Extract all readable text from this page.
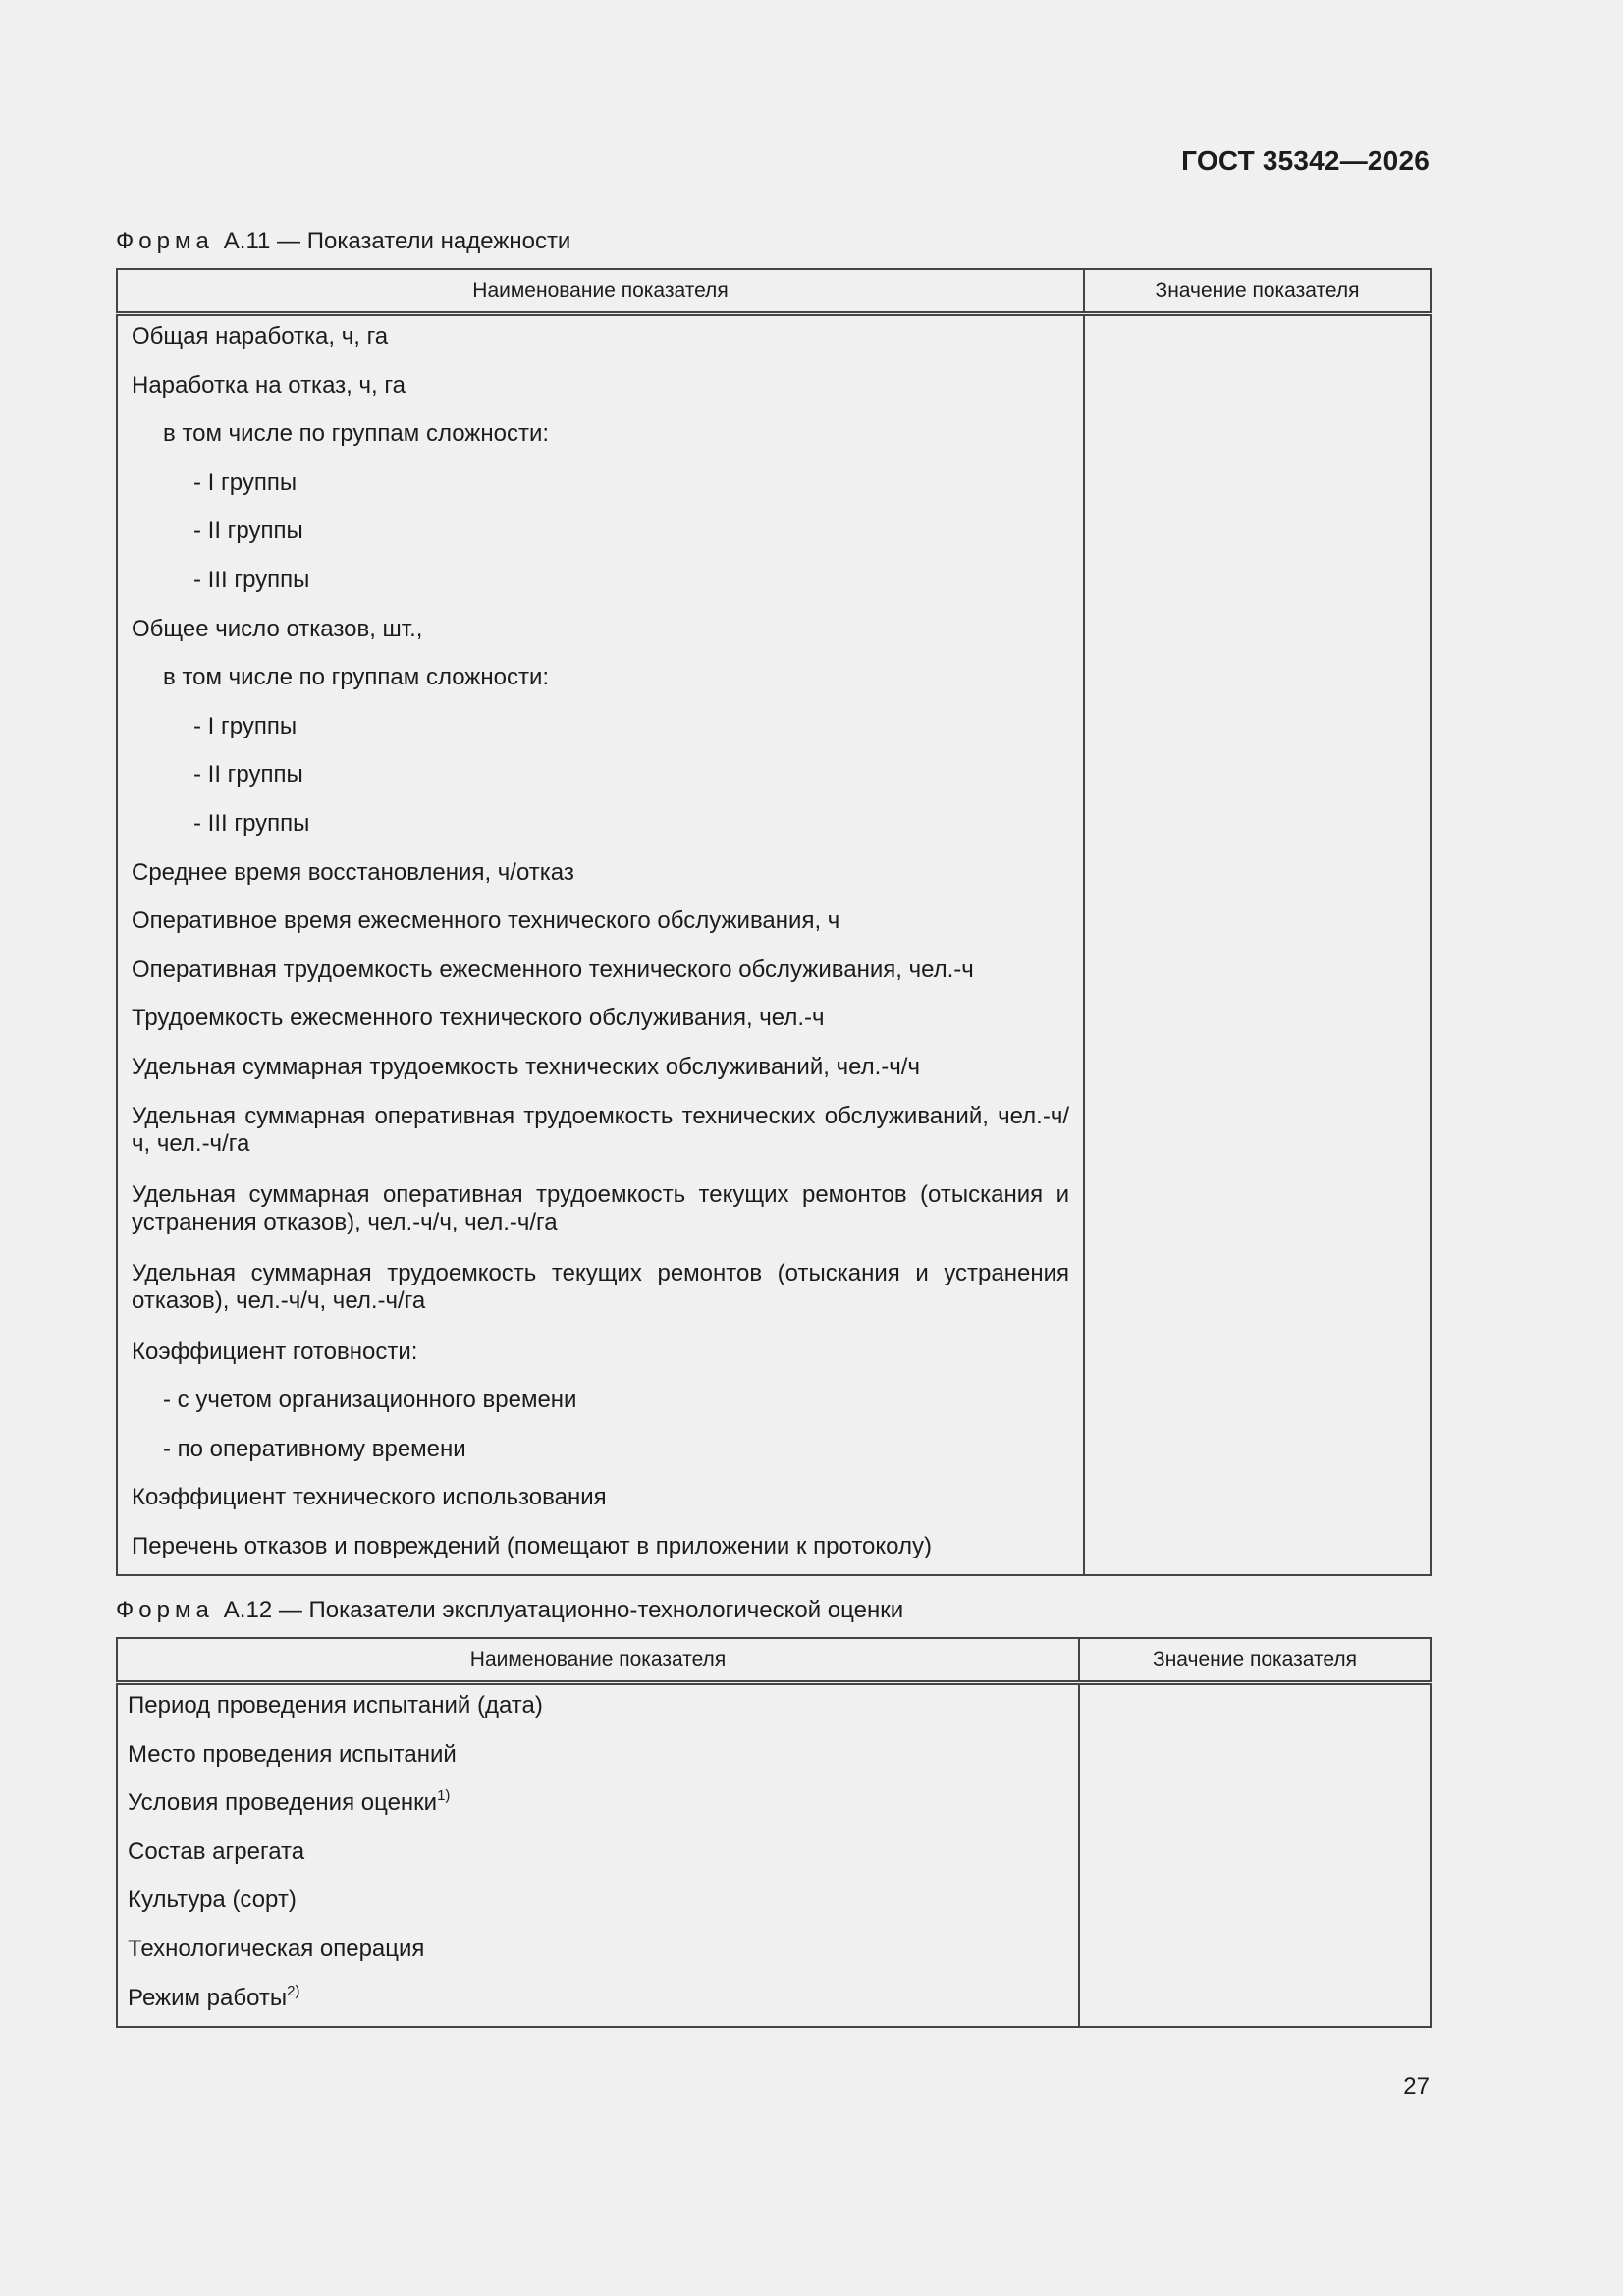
ГОСТ 35342—2026
Форма А.11 — Показатели надежности
Наименование показателя	Значение показателя

Общая наработка, ч, га	

Наработка на отказ, ч, га	

в том числе по группам сложности:	

- I группы	

- II группы	

- III группы	

Общее число отказов, шт.,	

в том числе по группам сложности:	

- I группы	

- II группы	

- III группы	

Среднее время восстановления, ч/отказ	

Оперативное время ежесменного технического обслуживания, ч	

Оперативная трудоемкость ежесменного технического обслуживания, чел.-ч	

Трудоемкость ежесменного технического обслуживания, чел.-ч	

Удельная суммарная трудоемкость технических обслуживаний, чел.-ч/ч	

Удельная суммарная оперативная трудоемкость технических обслуживаний, чел.-ч/ч, чел.-ч/га	

Удельная суммарная оперативная трудоемкость текущих ремонтов (отыскания и устранения отказов), чел.-ч/ч, чел.-ч/га	

Удельная суммарная трудоемкость текущих ремонтов (отыскания и устранения отказов), чел.-ч/ч, чел.-ч/га	

Коэффициент готовности:	

- с учетом организационного времени	

- по оперативному времени	

Коэффициент технического использования	

Перечень отказов и повреждений (помещают в приложении к протоколу)	

Форма А.12 — Показатели эксплуатационно-технологической оценки
Наименование показателя	Значение показателя

Период проведения испытаний (дата)	

Место проведения испытаний	

Условия проведения оценки$^{1)}$

Состав агрегата	

Культура (сорт)	

Технологическая операция	

Режим работы$^{2)}$

27
